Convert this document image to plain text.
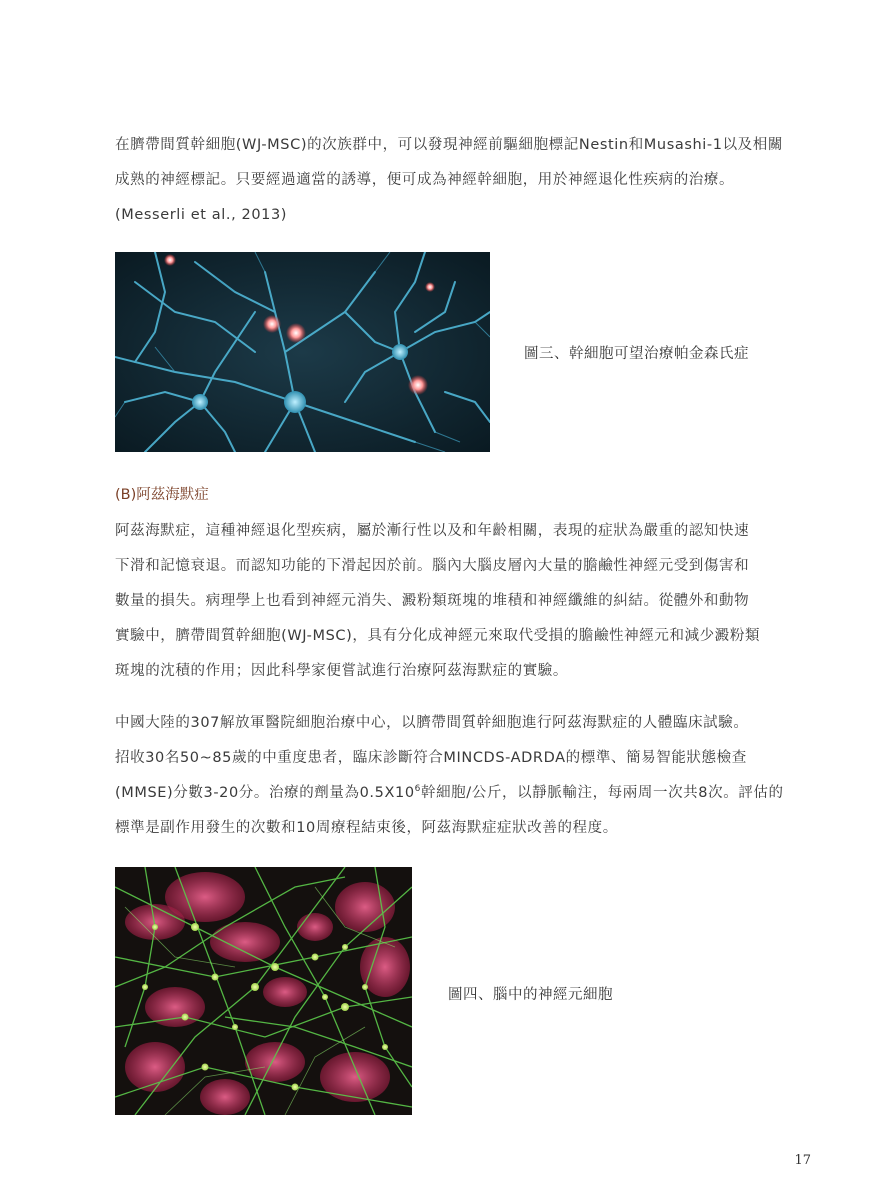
在臍帶間質幹細胞(WJ-MSC)的次族群中，可以發現神經前驅細胞標記Nestin和Musashi-1以及相關
成熟的神經標記。只要經過適當的誘導，便可成為神經幹細胞，用於神經退化性疾病的治療。
(Messerli et al., 2013)
圖三、幹細胞可望治療帕金森氏症
(B)阿茲海默症
阿茲海默症，這種神經退化型疾病，屬於漸行性以及和年齡相關，表現的症狀為嚴重的認知快速
下滑和記憶衰退。而認知功能的下滑起因於前。腦內大腦皮層內大量的膽鹼性神經元受到傷害和
數量的損失。病理學上也看到神經元消失、澱粉類斑塊的堆積和神經纖維的糾結。從體外和動物
實驗中，臍帶間質幹細胞(WJ-MSC)，具有分化成神經元來取代受損的膽鹼性神經元和減少澱粉類
斑塊的沈積的作用；因此科學家便嘗試進行治療阿茲海默症的實驗。
中國大陸的307解放軍醫院細胞治療中心，以臍帶間質幹細胞進行阿茲海默症的人體臨床試驗。
招收30名50~85歲的中重度患者，臨床診斷符合MINCDS-ADRDA的標準、簡易智能狀態檢查
(MMSE)分數3-20分。治療的劑量為$0.5X10^6$幹細胞/公斤，以靜脈輸注，每兩周一次共8次。評估的
標準是副作用發生的次數和10周療程結束後，阿茲海默症症狀改善的程度。
圖四、腦中的神經元細胞
17
